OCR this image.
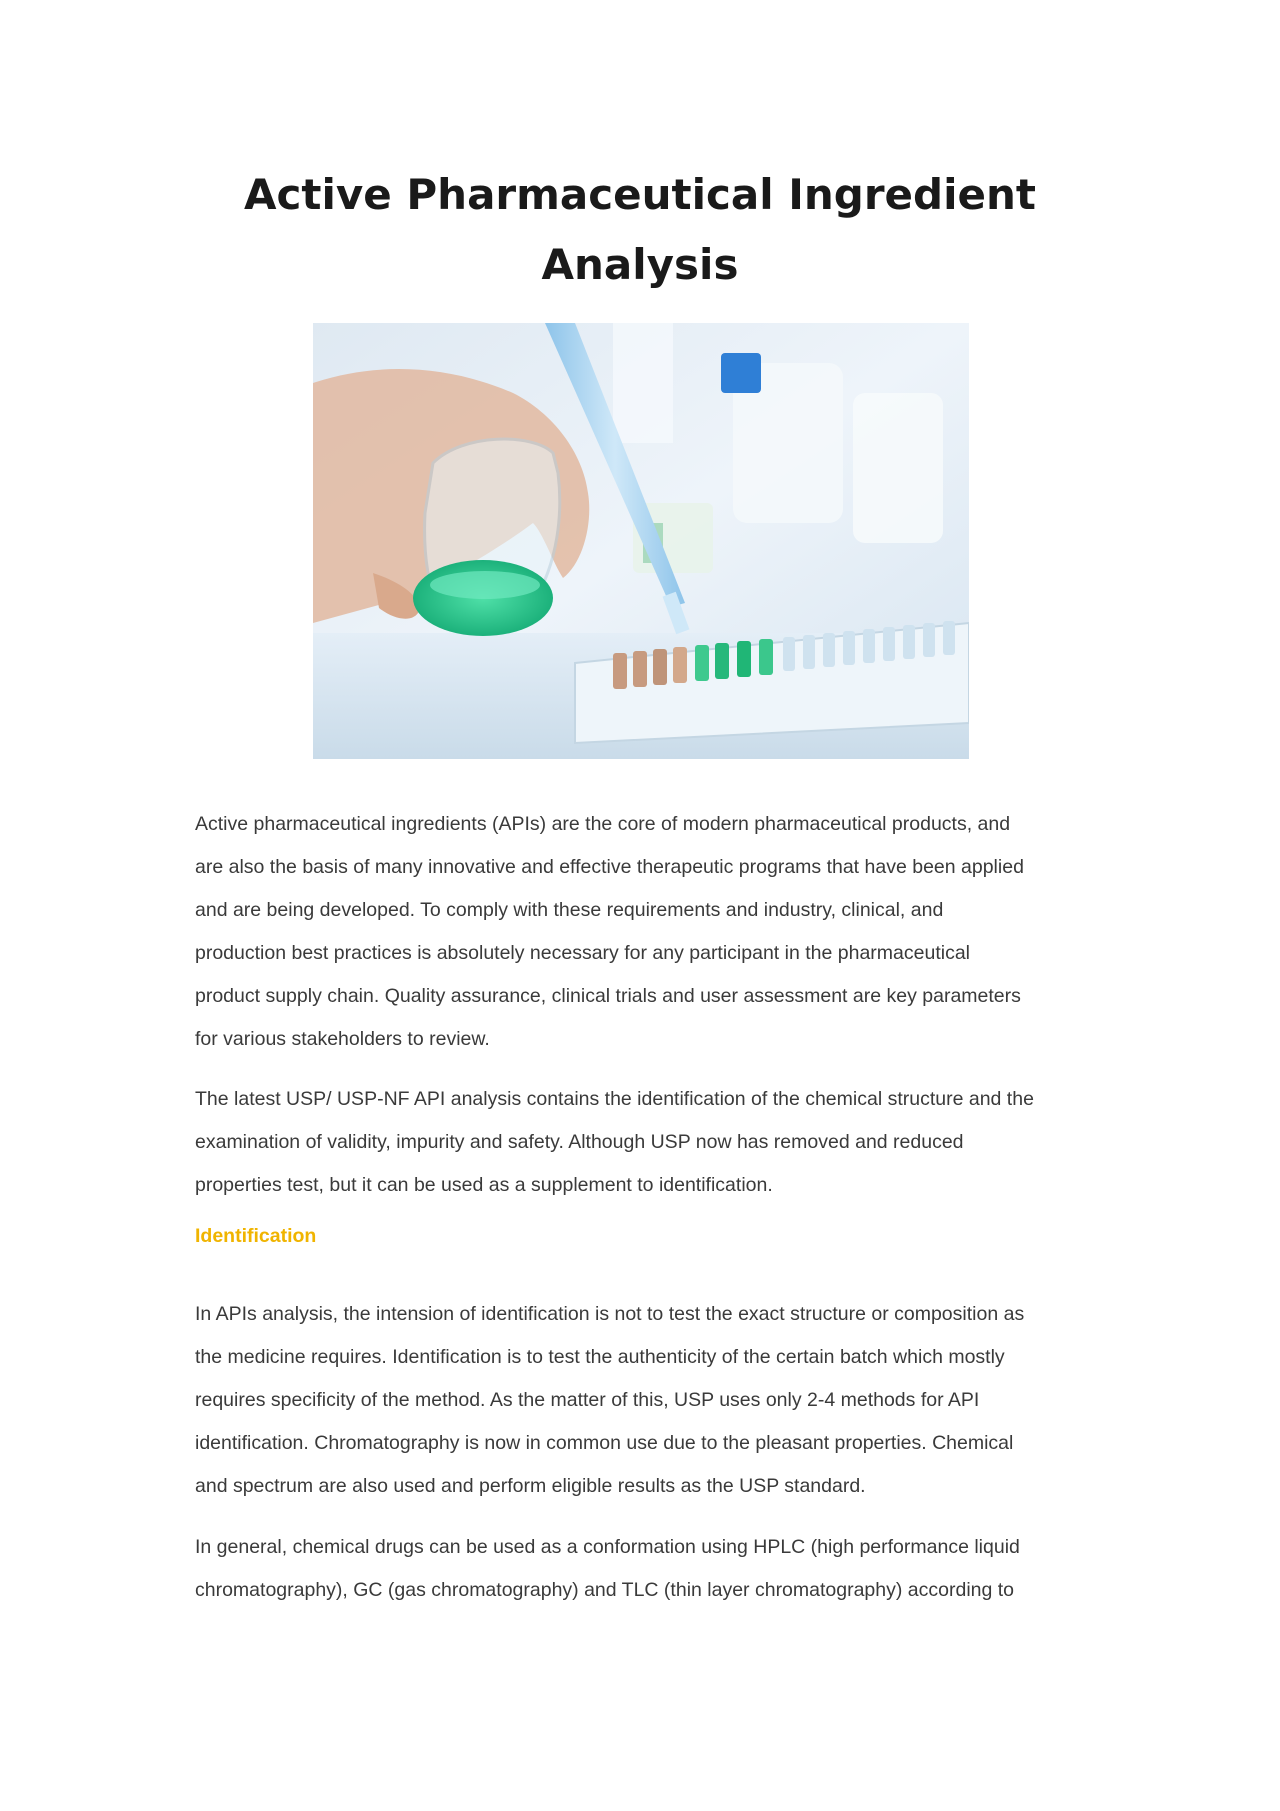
Active Pharmaceutical Ingredient
Analysis
Active pharmaceutical ingredients (APIs) are the core of modern pharmaceutical products, and
are also the basis of many innovative and effective therapeutic programs that have been applied
and are being developed. To comply with these requirements and industry, clinical, and
production best practices is absolutely necessary for any participant in the pharmaceutical
product supply chain. Quality assurance, clinical trials and user assessment are key parameters
for various stakeholders to review.
The latest USP/ USP-NF API analysis contains the identification of the chemical structure and the
examination of validity, impurity and safety. Although USP now has removed and reduced
properties test, but it can be used as a supplement to identification.
Identification
In APIs analysis, the intension of identification is not to test the exact structure or composition as
the medicine requires. Identification is to test the authenticity of the certain batch which mostly
requires specificity of the method. As the matter of this, USP uses only 2-4 methods for API
identification. Chromatography is now in common use due to the pleasant properties. Chemical
and spectrum are also used and perform eligible results as the USP standard.
In general, chemical drugs can be used as a conformation using HPLC (high performance liquid
chromatography), GC (gas chromatography) and TLC (thin layer chromatography) according to
